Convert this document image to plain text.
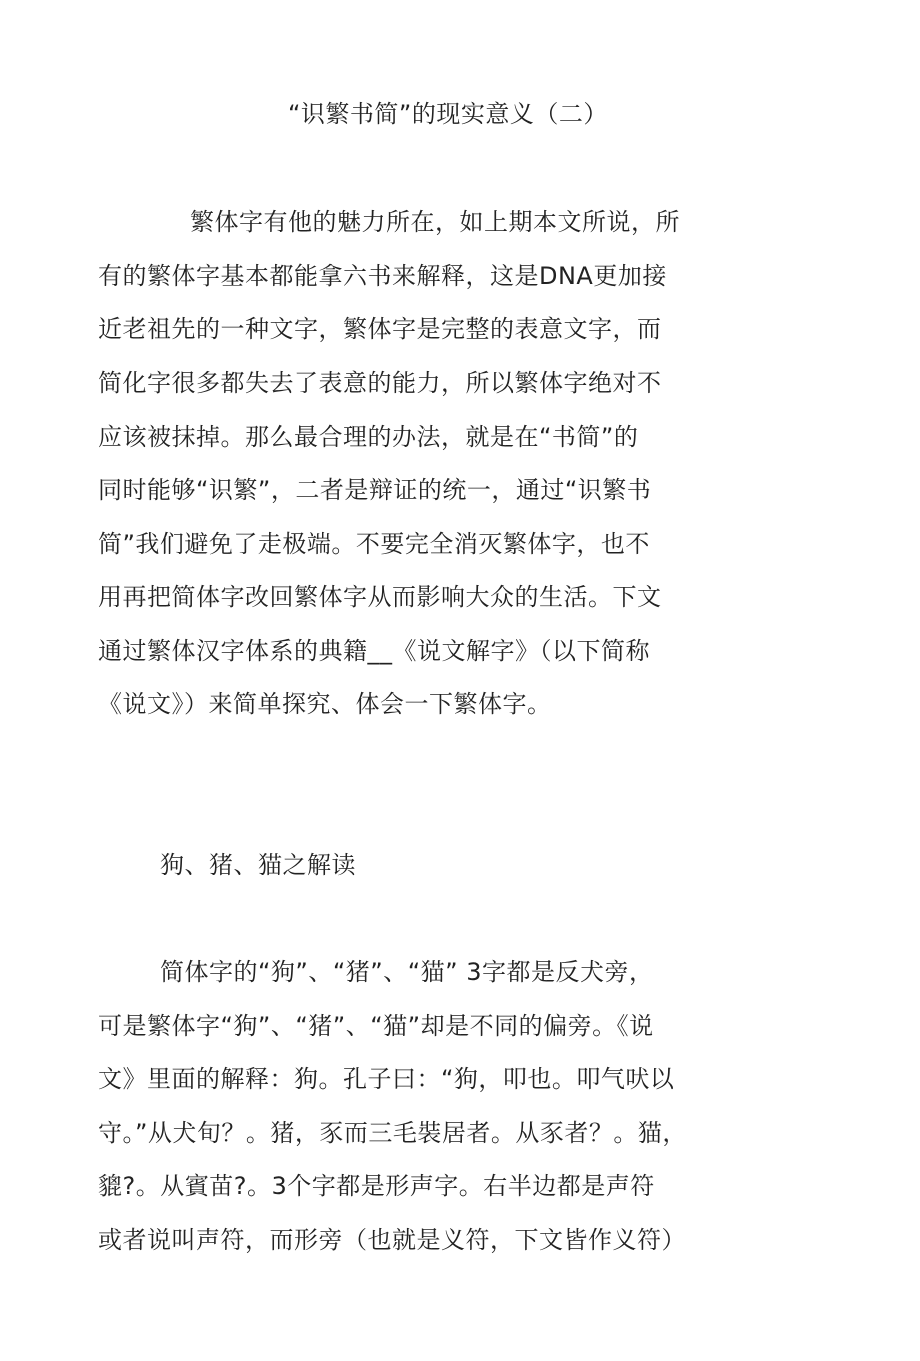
“识繁书简”的现实意义（二）

繁体字有他的魅力所在，如上期本文所说，所

有的繁体字基本都能拿六书来解释，这是DNA更加接

近老祖先的一种文字，繁体字是完整的表意文字，而

简化字很多都失去了表意的能力，所以繁体字绝对不

应该被抹掉。那么最合理的办法，就是在“书简”的

同时能够“识繁”，二者是辩证的统一，通过“识繁书

简”我们避免了走极端。不要完全消灭繁体字，也不

用再把简体字改回繁体字从而影响大众的生活。下文

通过繁体汉字体系的典籍__《说文解字》（以下简称

《说文》）来简单探究、体会一下繁体字。

狗、猪、猫之解读

简体字的“狗”、“猪”、“猫” 3字都是反犬旁，

可是繁体字“狗”、“猪”、“猫”却是不同的偏旁。《说

文》里面的解释：狗。孔子曰：“狗，叩也。叩气吠以

守。”从犬旬？。猪，豕而三毛裝居者。从豕者？。猫，

貔?。从賓苗?。3个字都是形声字。右半边都是声符

或者说叫声符，而形旁（也就是义符，下文皆作义符）
